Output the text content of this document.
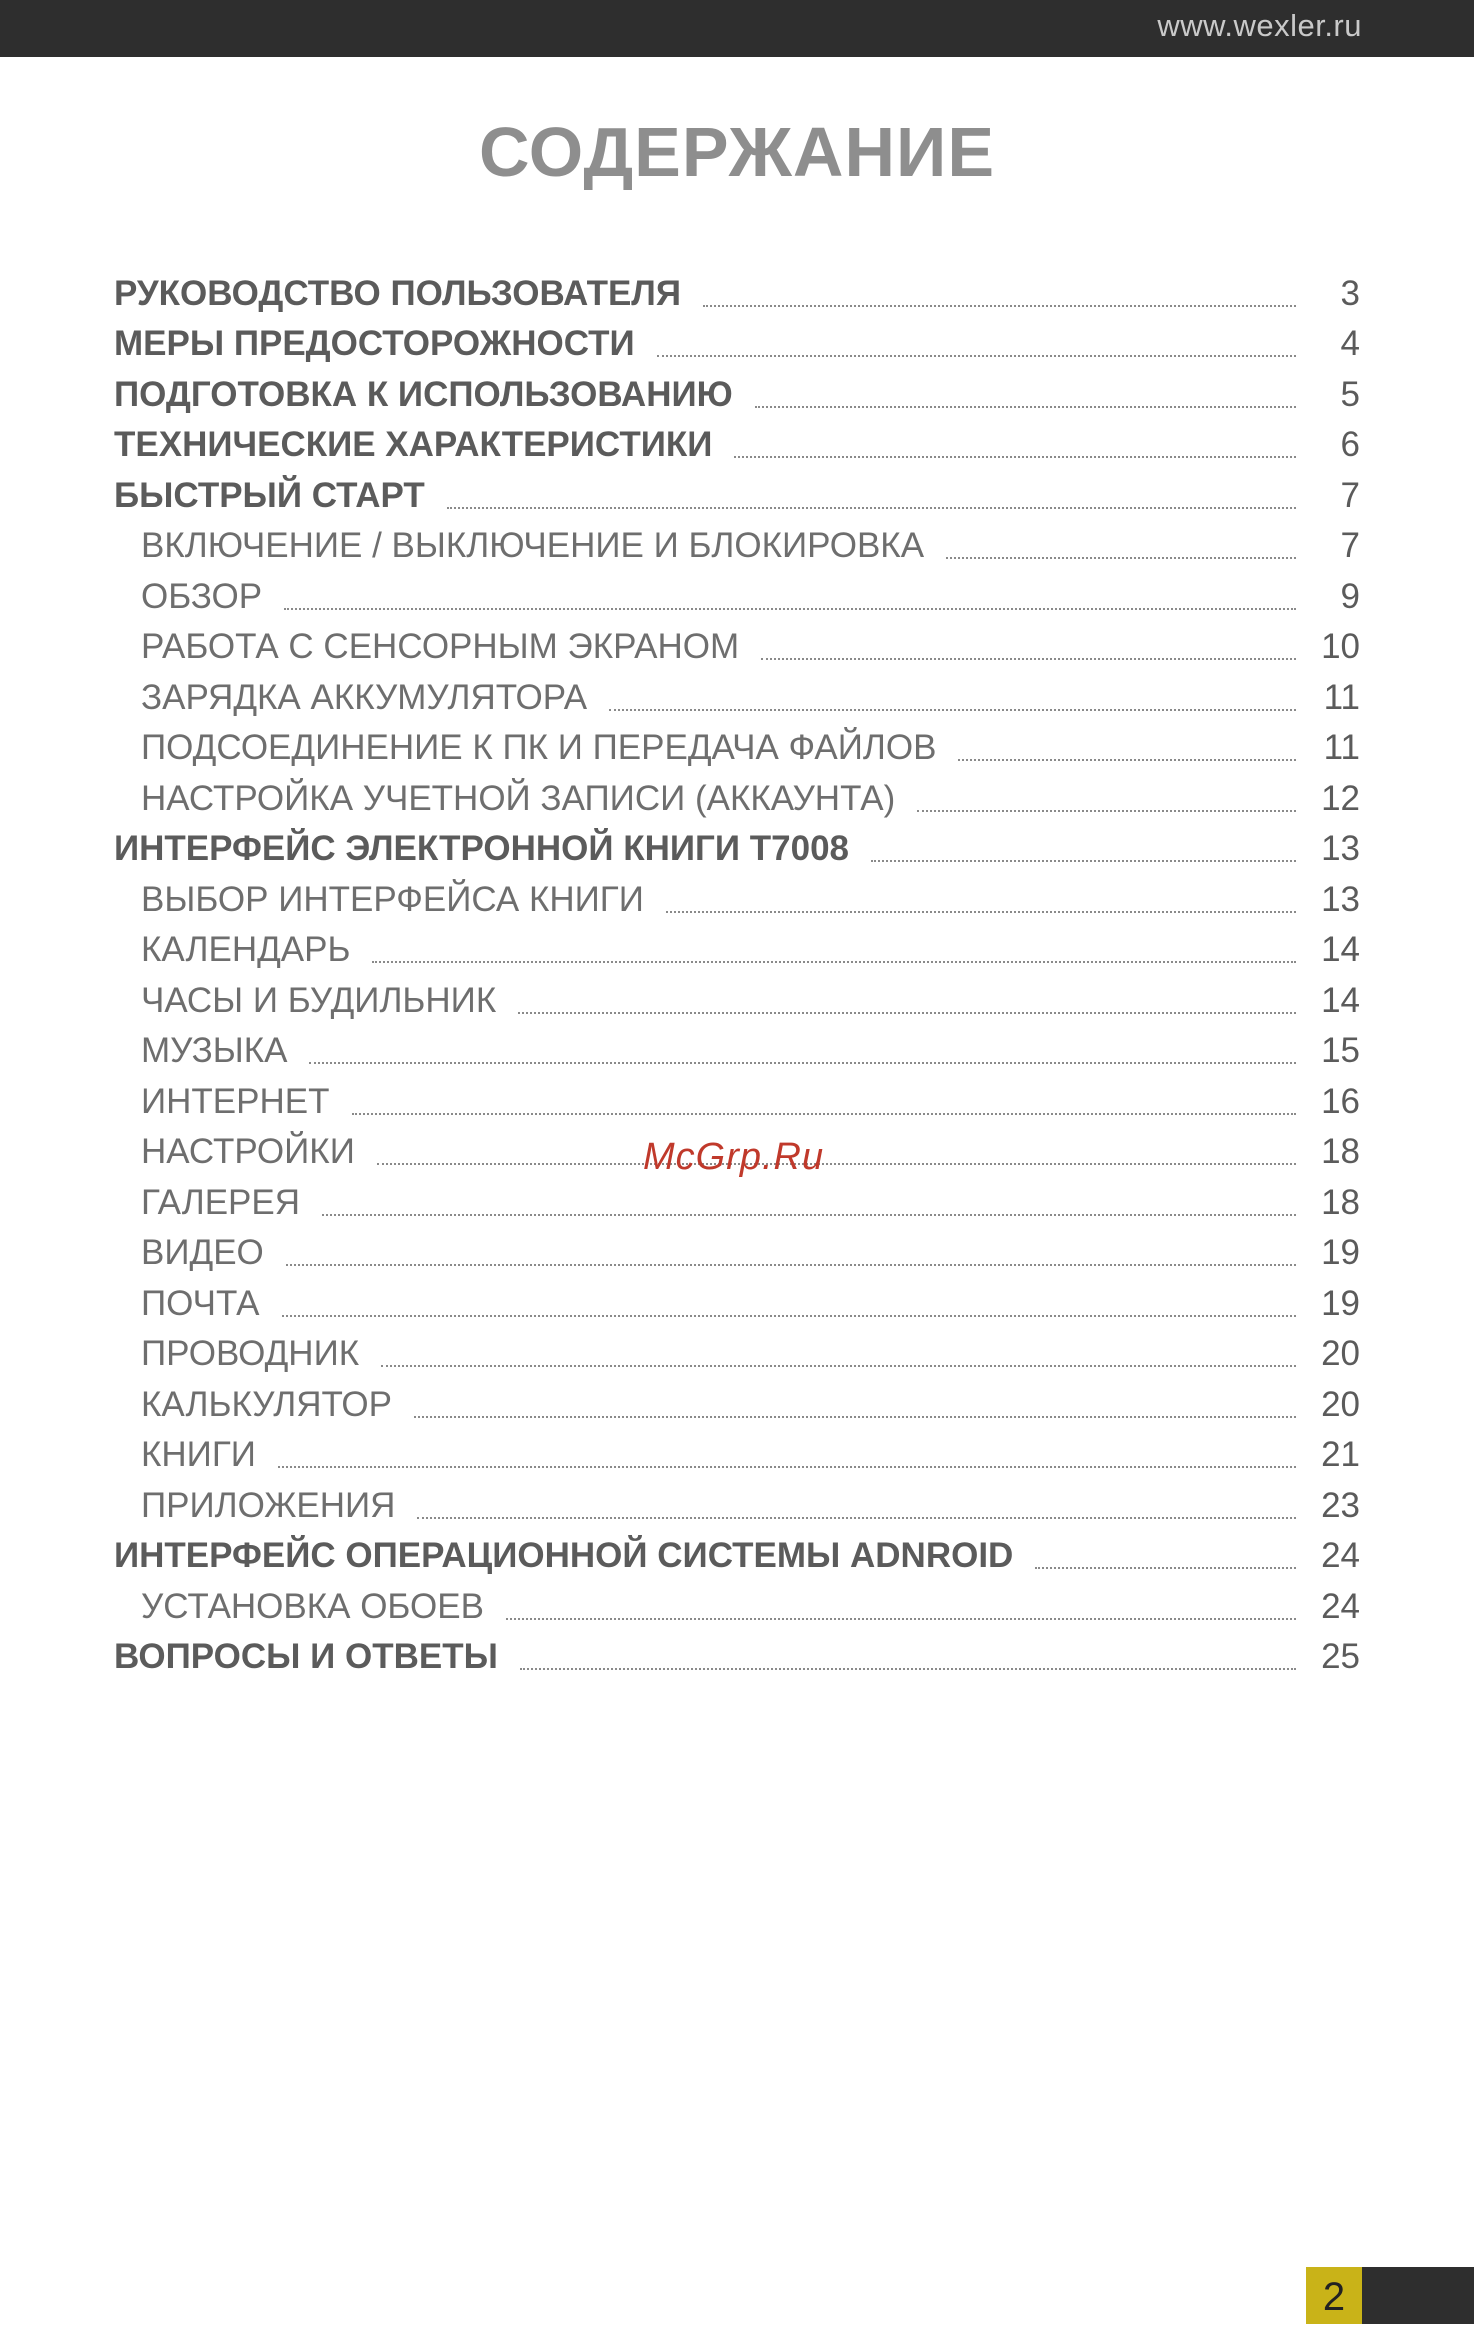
www.wexler.ru
СОДЕРЖАНИЕ
РУКОВОДСТВО ПОЛЬЗОВАТЕЛЯ	3
МЕРЫ ПРЕДОСТОРОЖНОСТИ	4
ПОДГОТОВКА К ИСПОЛЬЗОВАНИЮ	5
ТЕХНИЧЕСКИЕ ХАРАКТЕРИСТИКИ	6
БЫСТРЫЙ СТАРТ	7
ВКЛЮЧЕНИЕ / ВЫКЛЮЧЕНИЕ И БЛОКИРОВКА	7
ОБЗОР	9
РАБОТА С СЕНСОРНЫМ ЭКРАНОМ	10
ЗАРЯДКА АККУМУЛЯТОРА	11
ПОДСОЕДИНЕНИЕ К ПК И ПЕРЕДАЧА ФАЙЛОВ	11
НАСТРОЙКА УЧЕТНОЙ ЗАПИСИ (АККАУНТА)	12
ИНТЕРФЕЙС ЭЛЕКТРОННОЙ КНИГИ T7008	13
ВЫБОР ИНТЕРФЕЙСА КНИГИ	13
КАЛЕНДАРЬ	14
ЧАСЫ И БУДИЛЬНИК	14
МУЗЫКА	15
ИНТЕРНЕТ	16
НАСТРОЙКИ	18
ГАЛЕРЕЯ	18
ВИДЕО	19
ПОЧТА	19
ПРОВОДНИК	20
КАЛЬКУЛЯТОР	20
КНИГИ	21
ПРИЛОЖЕНИЯ	23
ИНТЕРФЕЙС ОПЕРАЦИОННОЙ СИСТЕМЫ ADNROID	24
УСТАНОВКА ОБОЕВ	24
ВОПРОСЫ И ОТВЕТЫ	25
McGrp.Ru
2
